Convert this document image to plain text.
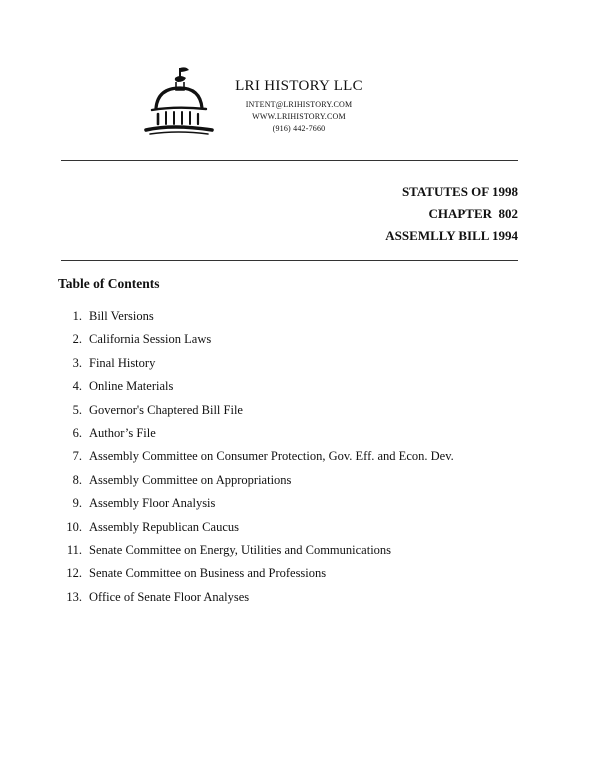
LRI HISTORY LLC
INTENT@LRIHISTORY.COM
WWW.LRIHISTORY.COM
(916) 442-7660
STATUTES OF 1998
CHAPTER  802
ASSEMLLY BILL 1994
Table of Contents
1. Bill Versions
2. California Session Laws
3. Final History
4. Online Materials
5. Governor's Chaptered Bill File
6. Author’s File
7. Assembly Committee on Consumer Protection, Gov. Eff. and Econ. Dev.
8. Assembly Committee on Appropriations
9. Assembly Floor Analysis
10. Assembly Republican Caucus
11. Senate Committee on Energy, Utilities and Communications
12. Senate Committee on Business and Professions
13. Office of Senate Floor Analyses
